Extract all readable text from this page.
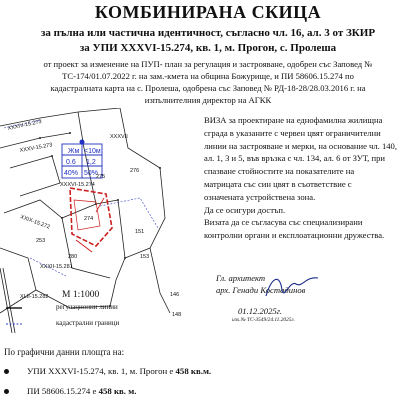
КОМБИНИРАНА СКИЦА
за пълна или частична идентичност, съгласно чл. 16, ал. 3 от ЗКИР
за УПИ XXXVI-15.274, кв. 1, м. Прогон, с. Пролеша
от проект за изменение на ПУП- план за регулация и застрояване, одобрен със Заповед №
ТС-174/01.07.2022 г. на зам.-кмета на община Божурище, и ПИ 58606.15.274 по
кадастралната карта на с. Пролеша, одобрена със Заповед № РД-18-28/28.03.2016 г. на
изпълнителния директор на АГКК
Жм <10м
0.6 1,2
40% 50%
XXXIV-15.273
XXXV-15.273
XXXVI-15.274
274
280
XXXII-15.281
XXIX-15.272
151
153
XLII-15.282	146
148
275
276
253
XXXVII
М 1:1000
регулационни линии
кадастрални граници
ВИЗА за проектиране на еднофамилна жилищна
сграда в указаните с червен цвят ограничителни
линии на застрояване и мерки, на основание чл. 140,
ал. 1, 3 и 5, във връзка с чл. 134, ал. 6 от ЗУТ, при
спазване стойностите на показателите на
матрицата със син цвят в съответствие с
означената устройствена зона.
Да се осигури достъп.
Визата да се съгласува със специализирани
контролни органи и експлоатационни дружества.
Гл. архитект
арх. Генади Костадинов
01.12.2025г.
изх.№ ТС-3549/24.11.2025г.
По графични данни площта на:
УПИ XXXVI-15.274, кв. 1, м. Прогон е 458 кв.м.
ПИ 58606.15.274 е 458 кв. м.
